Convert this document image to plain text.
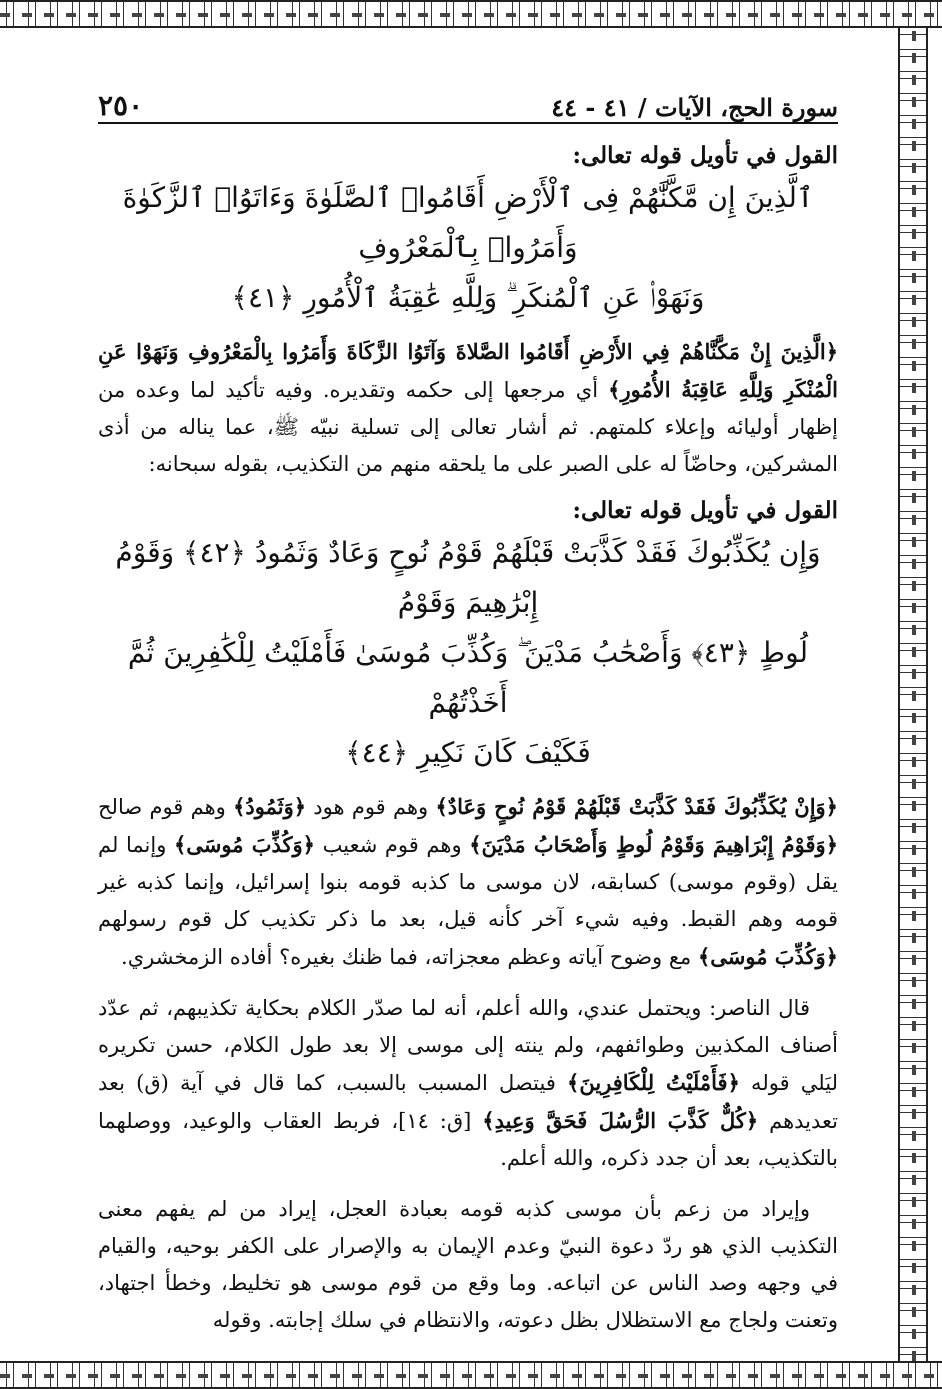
سورة الحج، الآيات / ٤١ - ٤٤
٢٥٠
القول في تأويل قوله تعالى:
ٱلَّذِينَ إِن مَّكَّنَّٰهُمْ فِى ٱلْأَرْضِ أَقَامُوا۟ ٱلصَّلَوٰةَ وَءَاتَوُا۟ ٱلزَّكَوٰةَ وَأَمَرُوا۟ بِٱلْمَعْرُوفِ
وَنَهَوْا۟ عَنِ ٱلْمُنكَرِ ۗ وَلِلَّهِ عَٰقِبَةُ ٱلْأُمُورِ ﴿٤١﴾

﴿الَّذِينَ إِنْ مَكَّنَّاهُمْ فِي الأَرْضِ أَقَامُوا الصَّلاةَ وَآتَوُا الزَّكَاةَ وَأَمَرُوا بِالْمَعْرُوفِ وَنَهَوْا عَنِ الْمُنْكَرِ وَلِلَّهِ عَاقِبَةُ الأُمُورِ﴾ أي مرجعها إلى حكمه وتقديره. وفيه تأكيد لما وعده من إظهار أوليائه وإعلاء كلمتهم. ثم أشار تعالى إلى تسلية نبيّه ﷺ، عما يناله من أذى المشركين، وحاضّاً له على الصبر على ما يلحقه منهم من التكذيب، بقوله سبحانه:

القول في تأويل قوله تعالى:
وَإِن يُكَذِّبُوكَ فَقَدْ كَذَّبَتْ قَبْلَهُمْ قَوْمُ نُوحٍ وَعَادٌ وَثَمُودُ ﴿٤٢﴾ وَقَوْمُ إِبْرَٰهِيمَ وَقَوْمُ
لُوطٍ ﴿٤٣﴾ وَأَصْحَٰبُ مَدْيَنَ ۖ وَكُذِّبَ مُوسَىٰ فَأَمْلَيْتُ لِلْكَٰفِرِينَ ثُمَّ أَخَذْتُهُمْ
فَكَيْفَ كَانَ نَكِيرِ ﴿٤٤﴾

﴿وَإِنْ يُكَذِّبُوكَ فَقَدْ كَذَّبَتْ قَبْلَهُمْ قَوْمُ نُوحٍ وَعَادٌ﴾ وهم قوم هود ﴿وَثَمُودُ﴾ وهم قوم صالح ﴿وَقَوْمُ إِبْرَاهِيمَ وَقَوْمُ لُوطٍ وَأَصْحَابُ مَدْيَنَ﴾ وهم قوم شعيب ﴿وَكُذِّبَ مُوسَى﴾ وإنما لم يقل (وقوم موسى) كسابقه، لان موسى ما كذبه قومه بنوا إسرائيل، وإنما كذبه غير قومه وهم القبط. وفيه شيء آخر كأنه قيل، بعد ما ذكر تكذيب كل قوم رسولهم ﴿وَكُذِّبَ مُوسَى﴾ مع وضوح آياته وعظم معجزاته، فما ظنك بغيره؟ أفاده الزمخشري.

قال الناصر: ويحتمل عندي، والله أعلم، أنه لما صدّر الكلام بحكاية تكذيبهم، ثم عدّد أصناف المكذبين وطوائفهم، ولم ينته إلى موسى إلا بعد طول الكلام، حسن تكريره ليَلي قوله ﴿فَأَمْلَيْتُ لِلْكَافِرِينَ﴾ فيتصل المسبب بالسبب، كما قال في آية (ق) بعد تعديدهم ﴿كُلٌّ كَذَّبَ الرُّسُلَ فَحَقَّ وَعِيدِ﴾ [ق: ١٤]، فربط العقاب والوعيد، ووصلهما بالتكذيب، بعد أن جدد ذكره، والله أعلم.

وإيراد من زعم بأن موسى كذبه قومه بعبادة العجل، إيراد من لم يفهم معنى التكذيب الذي هو ردّ دعوة النبيّ وعدم الإيمان به والإصرار على الكفر بوحيه، والقيام في وجهه وصد الناس عن اتباعه. وما وقع من قوم موسى هو تخليط، وخطأ اجتهاد، وتعنت ولجاج مع الاستظلال بظل دعوته، والانتظام في سلك إجابته. وقوله
